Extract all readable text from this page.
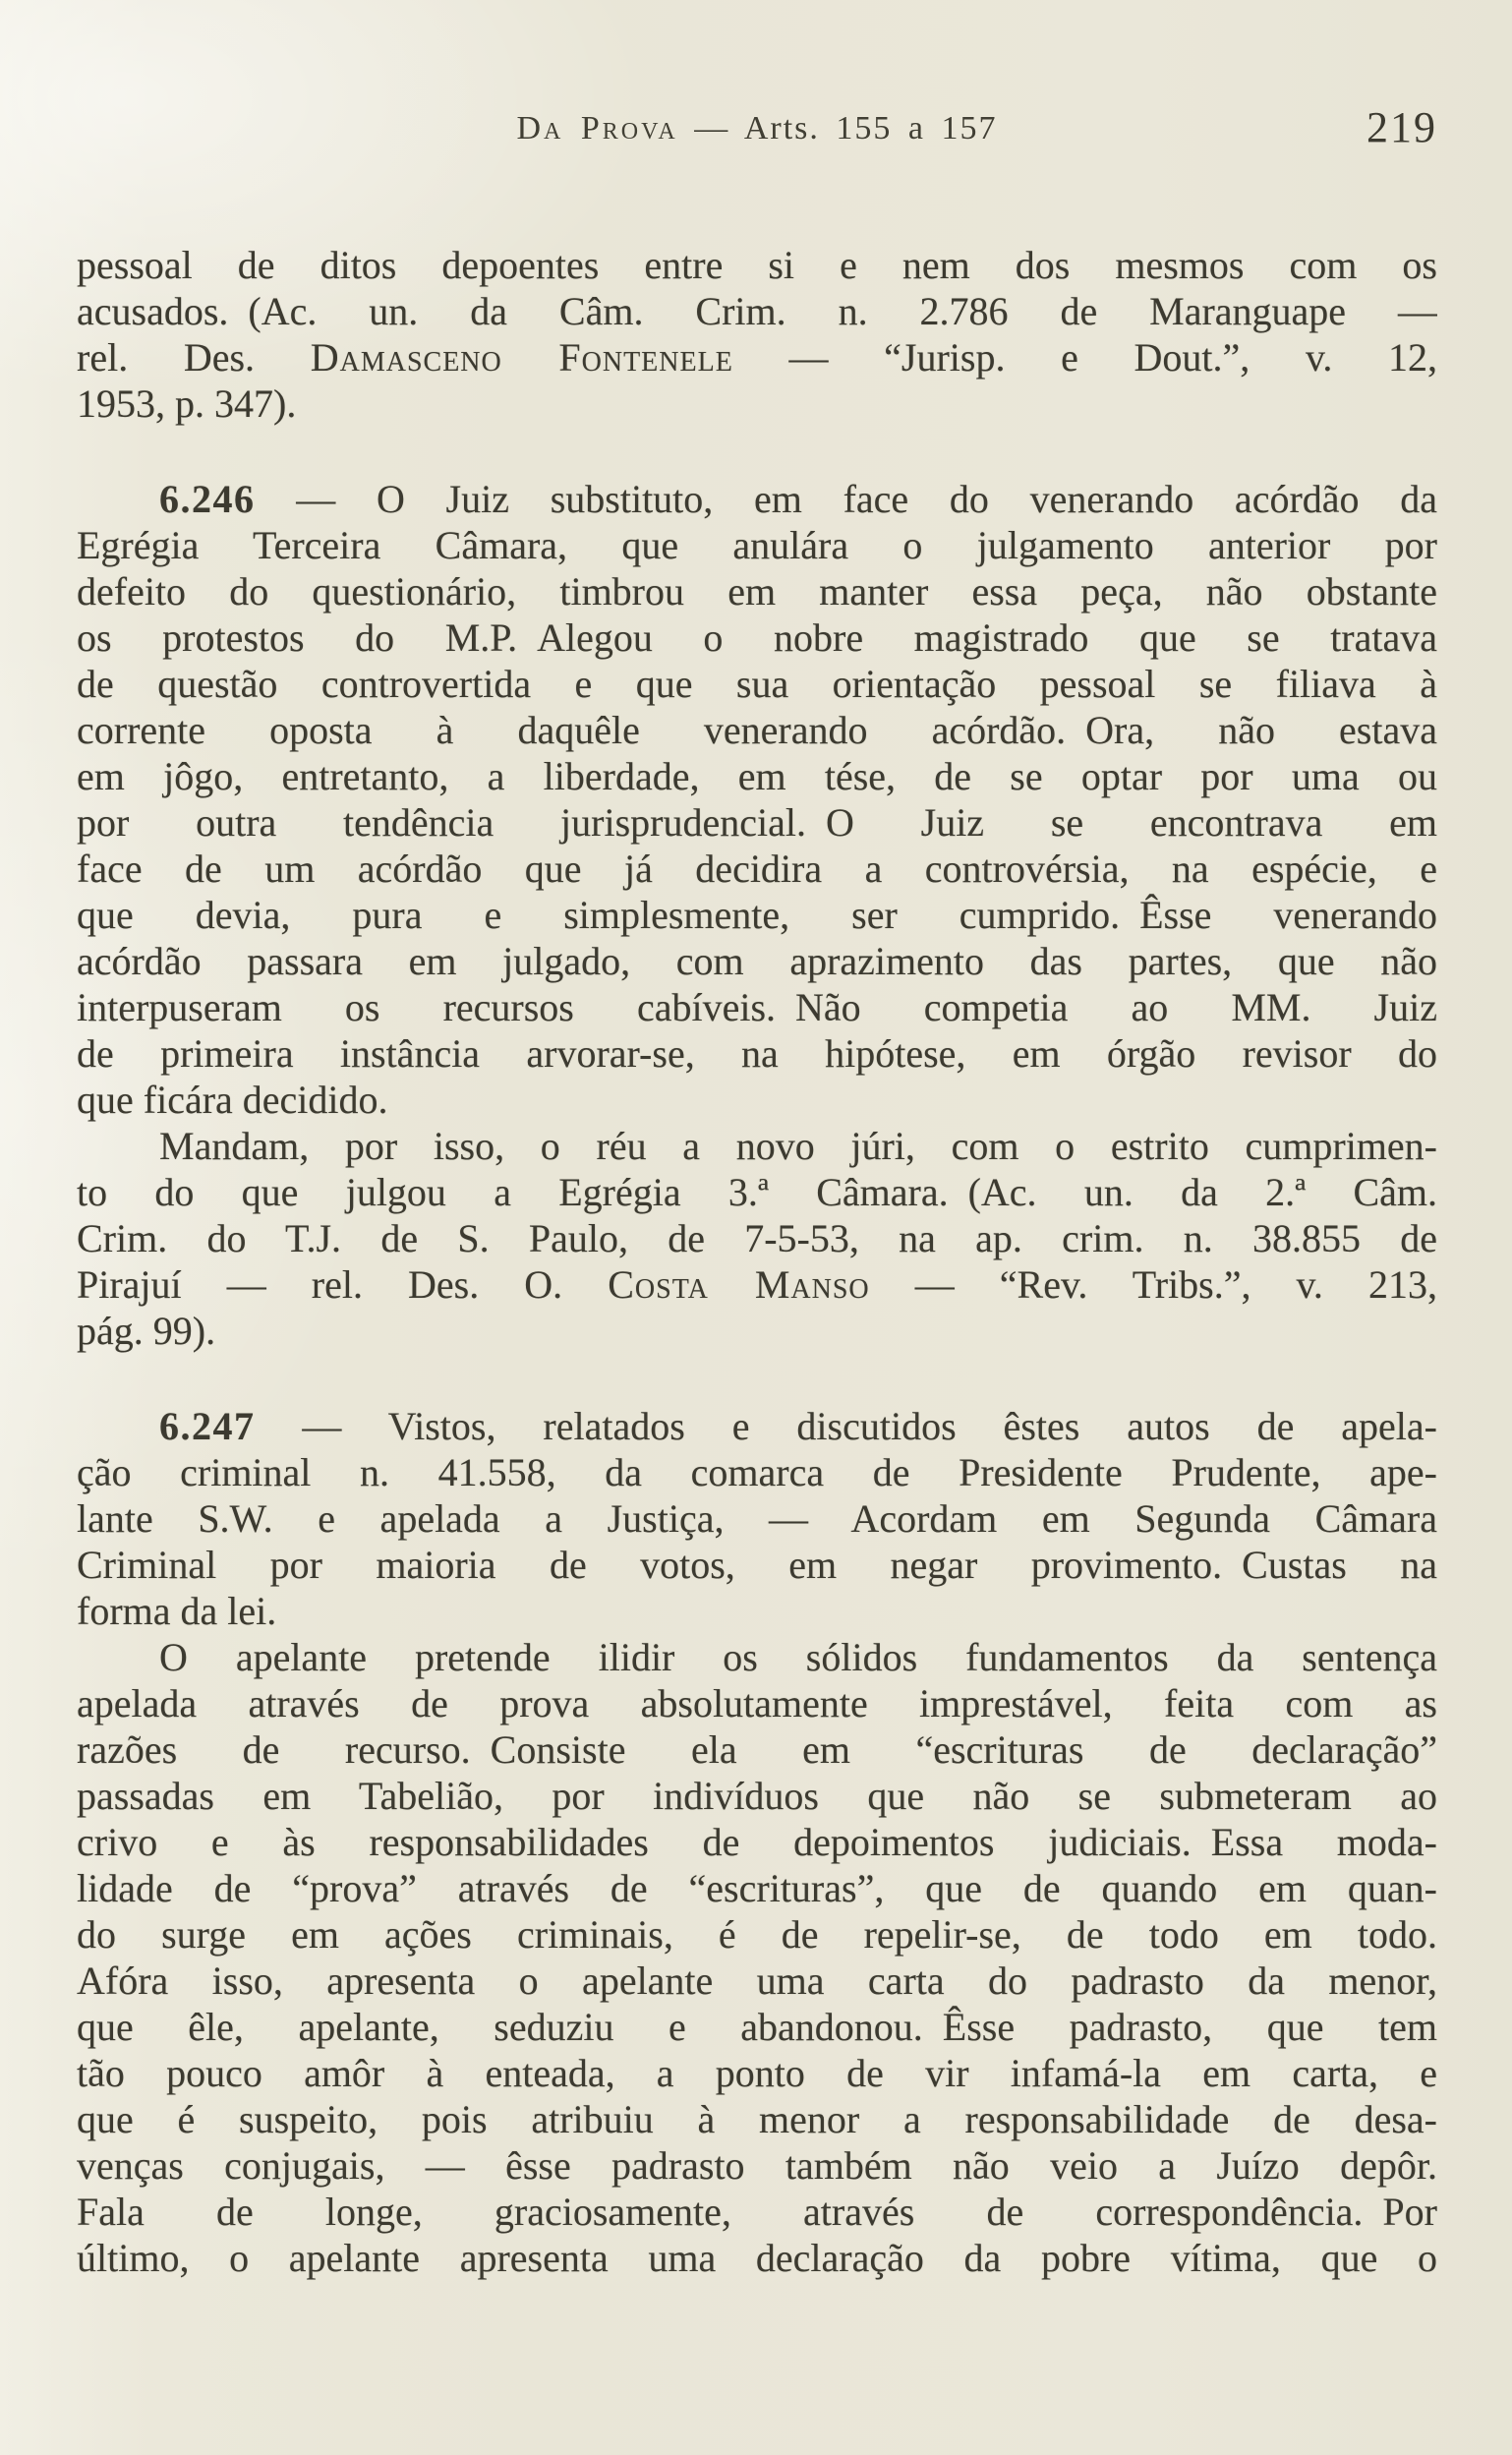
Da Prova — Arts. 155 a 157	219
pessoal de ditos depoentes entre si e nem dos mesmos com os
acusados. (Ac. un. da Câm. Crim. n. 2.786 de Maranguape —
rel. Des. Damasceno Fontenele — “Jurisp. e Dout.”, v. 12,
1953, p. 347).
6.246 — O Juiz substituto, em face do venerando acórdão da
Egrégia Terceira Câmara, que anulára o julgamento anterior por
defeito do questionário, timbrou em manter essa peça, não obstante
os protestos do M.P. Alegou o nobre magistrado que se tratava
de questão controvertida e que sua orientação pessoal se filiava à
corrente oposta à daquêle venerando acórdão. Ora, não estava
em jôgo, entretanto, a liberdade, em tése, de se optar por uma ou
por outra tendência jurisprudencial. O Juiz se encontrava em
face de um acórdão que já decidira a controvérsia, na espécie, e
que devia, pura e simplesmente, ser cumprido. Êsse venerando
acórdão passara em julgado, com aprazimento das partes, que não
interpuseram os recursos cabíveis. Não competia ao MM. Juiz
de primeira instância arvorar-se, na hipótese, em órgão revisor do
que ficára decidido.
Mandam, por isso, o réu a novo júri, com o estrito cumprimen-
to do que julgou a Egrégia 3.ª Câmara. (Ac. un. da 2.ª Câm.
Crim. do T.J. de S. Paulo, de 7-5-53, na ap. crim. n. 38.855 de
Pirajuí — rel. Des. O. Costa Manso — “Rev. Tribs.”, v. 213,
pág. 99).
6.247 — Vistos, relatados e discutidos êstes autos de apela-
ção criminal n. 41.558, da comarca de Presidente Prudente, ape-
lante S.W. e apelada a Justiça, — Acordam em Segunda Câmara
Criminal por maioria de votos, em negar provimento. Custas na
forma da lei.
O apelante pretende ilidir os sólidos fundamentos da sentença
apelada através de prova absolutamente imprestável, feita com as
razões de recurso. Consiste ela em “escrituras de declaração”
passadas em Tabelião, por indivíduos que não se submeteram ao
crivo e às responsabilidades de depoimentos judiciais. Essa moda-
lidade de “prova” através de “escrituras”, que de quando em quan-
do surge em ações criminais, é de repelir-se, de todo em todo.
Afóra isso, apresenta o apelante uma carta do padrasto da menor,
que êle, apelante, seduziu e abandonou. Êsse padrasto, que tem
tão pouco amôr à enteada, a ponto de vir infamá-la em carta, e
que é suspeito, pois atribuiu à menor a responsabilidade de desa-
venças conjugais, — êsse padrasto também não veio a Juízo depôr.
Fala de longe, graciosamente, através de correspondência. Por
último, o apelante apresenta uma declaração da pobre vítima, que o
